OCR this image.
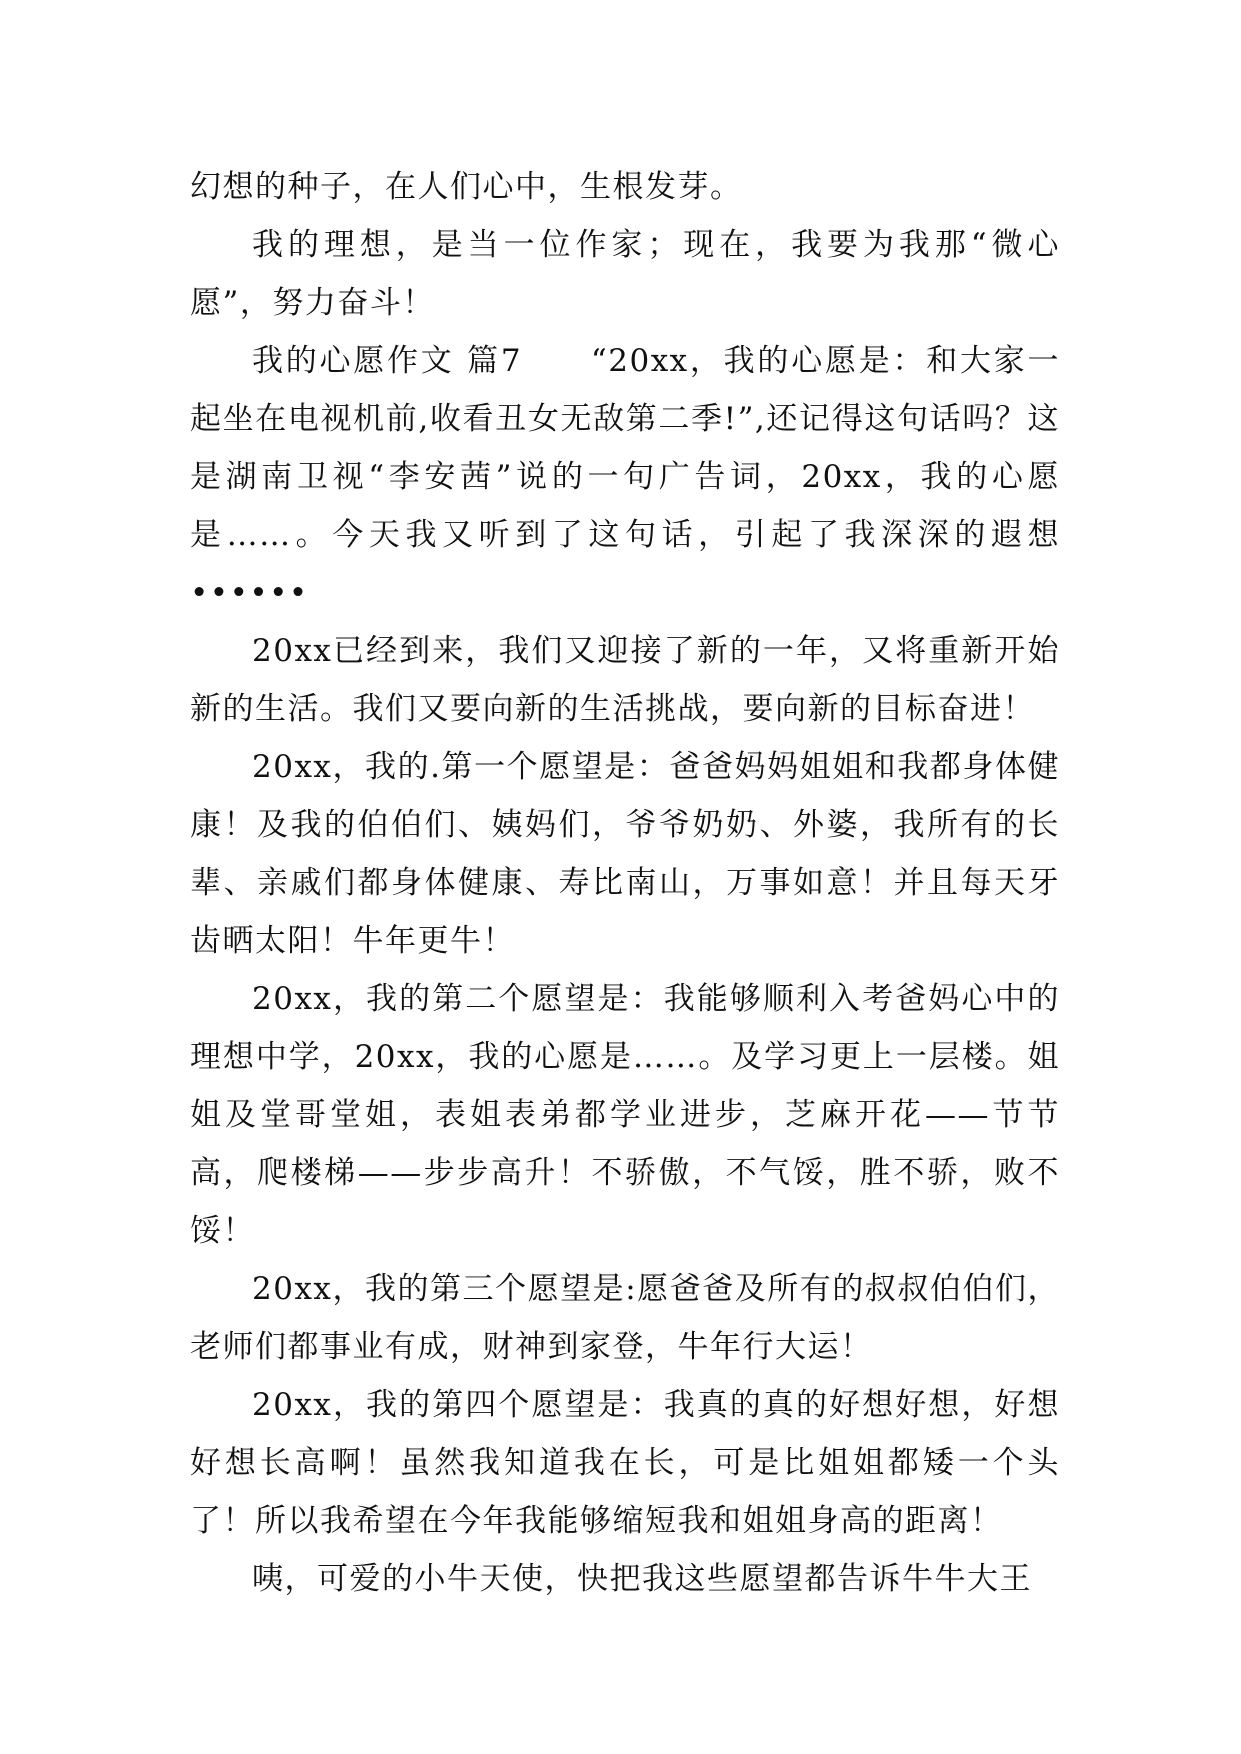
幻想的种子，在人们心中，生根发芽。

我的理想，是当一位作家；现在，我要为我那“微心愿”，努力奋斗！

我的心愿作文 篇7　　“20xx，我的心愿是：和大家一起坐在电视机前,收看丑女无敌第二季!”,还记得这句话吗？这是湖南卫视“李安茜”说的一句广告词，20xx，我的心愿是……。今天我又听到了这句话，引起了我深深的遐想••••••

20xx已经到来，我们又迎接了新的一年，又将重新开始新的生活。我们又要向新的生活挑战，要向新的目标奋进！

20xx，我的.第一个愿望是：爸爸妈妈姐姐和我都身体健康！及我的伯伯们、姨妈们，爷爷奶奶、外婆，我所有的长辈、亲戚们都身体健康、寿比南山，万事如意！并且每天牙齿晒太阳！牛年更牛！

20xx，我的第二个愿望是：我能够顺利入考爸妈心中的理想中学，20xx，我的心愿是……。及学习更上一层楼。姐姐及堂哥堂姐，表姐表弟都学业进步，芝麻开花——节节高，爬楼梯——步步高升！不骄傲，不气馁，胜不骄，败不馁！

20xx，我的第三个愿望是:愿爸爸及所有的叔叔伯伯们，老师们都事业有成，财神到家登，牛年行大运！

20xx，我的第四个愿望是：我真的真的好想好想，好想好想长高啊！虽然我知道我在长，可是比姐姐都矮一个头了！所以我希望在今年我能够缩短我和姐姐身高的距离！

咦，可爱的小牛天使，快把我这些愿望都告诉牛牛大王
